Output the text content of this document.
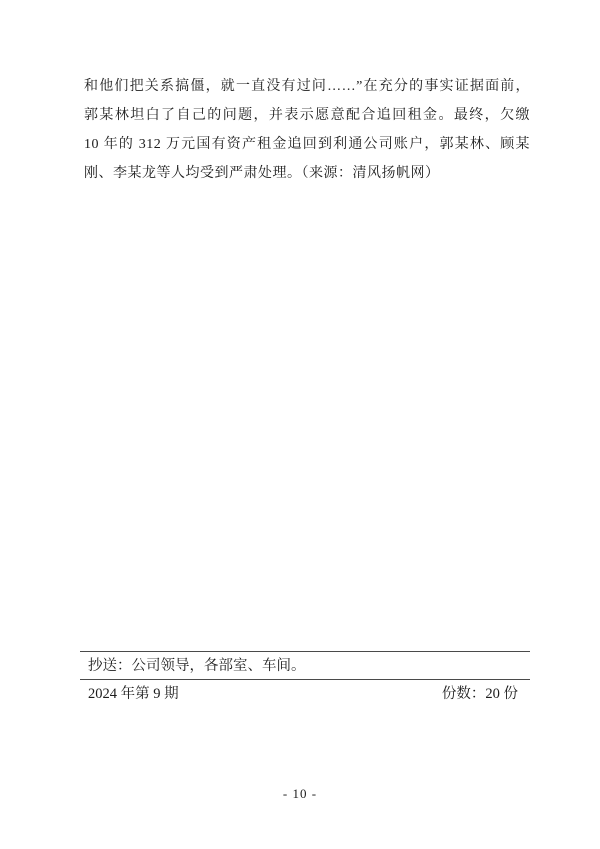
和他们把关系搞僵，就一直没有过问……”在充分的事实证据面前，
郭某林坦白了自己的问题，并表示愿意配合追回租金。最终，欠缴
10 年的 312 万元国有资产租金追回到利通公司账户，郭某林、顾某
刚、李某龙等人均受到严肃处理。（来源：清风扬帆网）
抄送：公司领导，各部室、车间。
2024 年第 9 期	份数：20 份
- 10 -
